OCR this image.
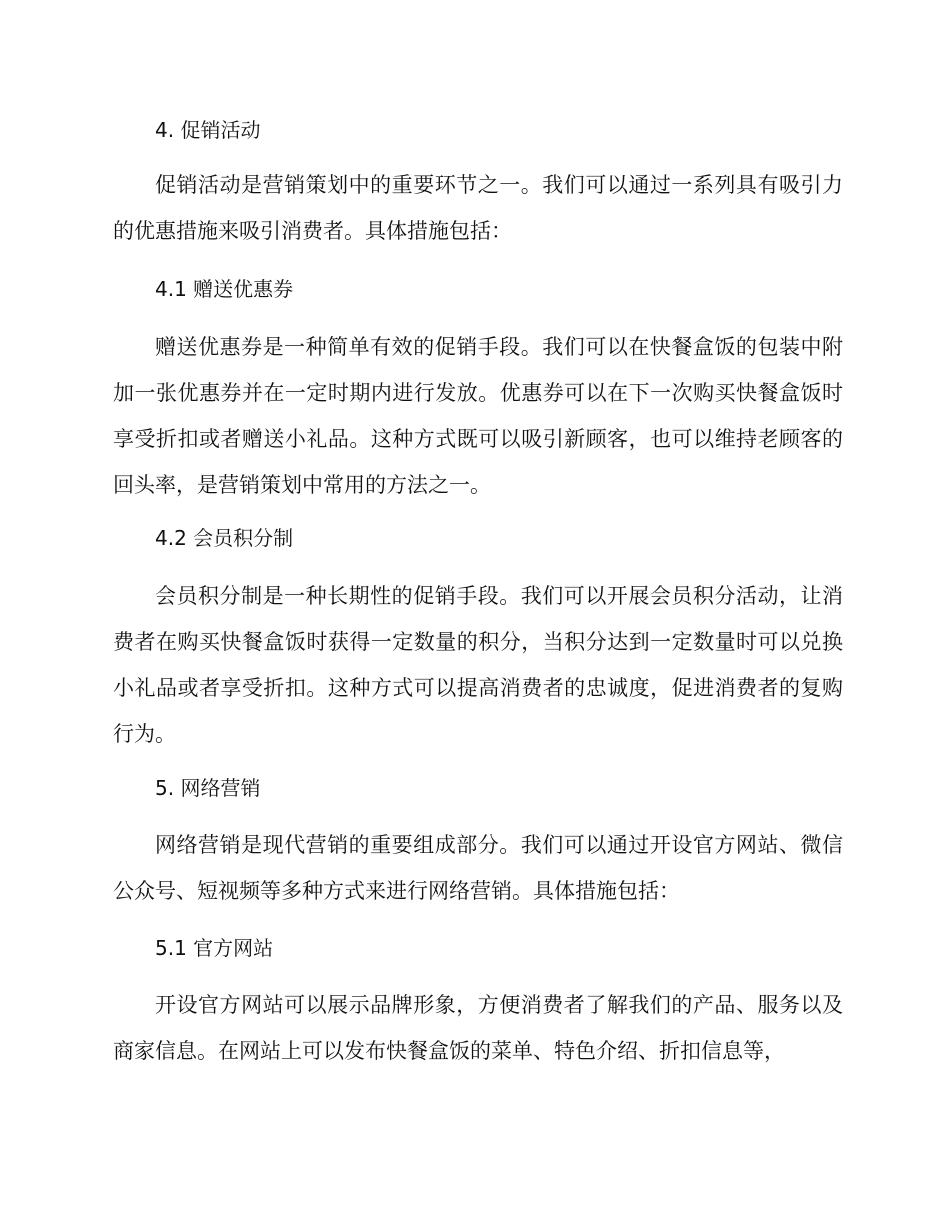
4. 促销活动
促销活动是营销策划中的重要环节之一。我们可以通过一系列具有吸引力的优惠措施来吸引消费者。具体措施包括：
4.1 赠送优惠券
赠送优惠券是一种简单有效的促销手段。我们可以在快餐盒饭的包装中附加一张优惠券并在一定时期内进行发放。优惠券可以在下一次购买快餐盒饭时享受折扣或者赠送小礼品。这种方式既可以吸引新顾客，也可以维持老顾客的回头率，是营销策划中常用的方法之一。
4.2 会员积分制
会员积分制是一种长期性的促销手段。我们可以开展会员积分活动，让消费者在购买快餐盒饭时获得一定数量的积分，当积分达到一定数量时可以兑换小礼品或者享受折扣。这种方式可以提高消费者的忠诚度，促进消费者的复购行为。
5. 网络营销
网络营销是现代营销的重要组成部分。我们可以通过开设官方网站、微信公众号、短视频等多种方式来进行网络营销。具体措施包括：
5.1 官方网站
开设官方网站可以展示品牌形象，方便消费者了解我们的产品、服务以及商家信息。在网站上可以发布快餐盒饭的菜单、特色介绍、折扣信息等，
